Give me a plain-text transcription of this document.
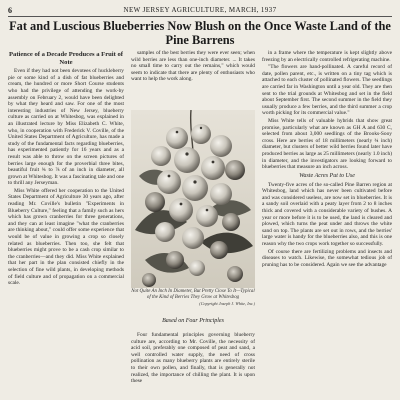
6	NEW JERSEY AGRICULTURE, MARCH, 1937
Fat and Luscious Blueberries Now Blush on the Once Waste Land of the Pine Barrens
Patience of a Decade Produces a Fruit of Note

Even if they had not been devotees of huckleberry pie or some kind of a dish of fat blueberries and cream, the hundred or more Short Course students who had the privilege of attending the work-by assembly on February 2, would have been delighted by what they heard and saw. For one of the most interesting industries of New Jersey, blueberry culture as carried on at Whitesbog, was explained in an illustrated lecture by Miss Elizabeth C. White, who, in cooperation with Frederick V. Coville, of the United States Department of Agriculture, has made a study of the fundamental facts regarding blueberries, has experimented patiently for 16 years and as a result was able to throw on the screen pictures of berries large enough for the proverbial three bites, beautiful fruit ¾ to ⅞ of an inch in diameter, all grown at Whitesbog. It was a fascinating tale and one to thrill any Jerseyman.

Miss White offered her cooperation to the United States Department of Agriculture 30 years ago, after reading Mr. Coville's bulletin "Experiments in Blueberry Culture," feeling that a family such as hers which has grown cranberries for three generations, and they can at least imagine "what the cranberries are thinking about," could offer some experience that would be of value in growing a crop so closely related as blueberries. Then too, she felt that blueberries might prove to be a cash crop similar to the cranberries—and they did. Miss White explained that her part in the plan consisted chiefly in the selection of fine wild plants, in developing methods of field culture and of propagation on a commercial scale.

samples of the best berries they were ever seen; when wild berries are less than one-inch diameter. ... It takes no small time to carry out the remains," which would seem to indicate that there are plenty of enthusiasts who want to help the work along.

Not Quite An Inch In Diameter, But Pretty Close To It—Typical of the Kind of Berries They Grow at Whitesbog
(Copyright Joseph J. White, Inc.)
Based on Four Principles

Four fundamental principles governing blueberry culture are, according to Mr. Coville, the necessity of acid soil, preferably one composed of peat and sand, a well controlled water supply, the need of cross pollination as many blueberry plants are entirely sterile to their own pollen, and finally, that is generally not realized, the importance of chilling the plant. It is upon these

in a frame where the temperature is kept slightly above freezing by an electrically controlled refrigerating machine.

"The flowers are hand-pollinated. A careful record of date, pollen parent, etc., is written on a tiny tag which is attached to each cluster of pollinated flowers. The seedlings are carried far in Washington until a year old. They are then sent to the trial grounds at Whitesbog and set in the field about September first. The second summer in the field they usually produce a few berries, and the third summer a crop worth picking for its commercial value."

Miss White tells of valuable hybrids that show great promise, particularly what are known as GH A and 630 C, selected from about 3,000 seedlings of the Brooks-Sooy cross. Here are berries of 18 millimeters (nearly ¾ inch) diameter, but clusters of better wild berries found later have produced berries as large as 25 millimeters (nearly 1.0 inch) in diameter, and the investigators are looking forward to blueberries that measure an inch across.

Waste Acres Put to Use

Twenty-five acres of the so-called Pine Barren region at Whitesbog, land which has never been cultivated before and was considered useless, are now set in blueberries. It is a sandy soil overlaid with a peaty layer from 2 to 8 inches thick and covered with a considerable variety of bushes. A year or more before it is to be used, the land is cleared and plowed, which turns the peat under and throws the white sand on top. The plants are set out in rows, and the berries' large water is handy for the blueberries also, and this is one reason why the two crops work together so successfully.

Of course there are fertilizing problems and insects and diseases to watch. Likewise, the somewhat tedious job of pruning has to be considered. Again we see the advantage
